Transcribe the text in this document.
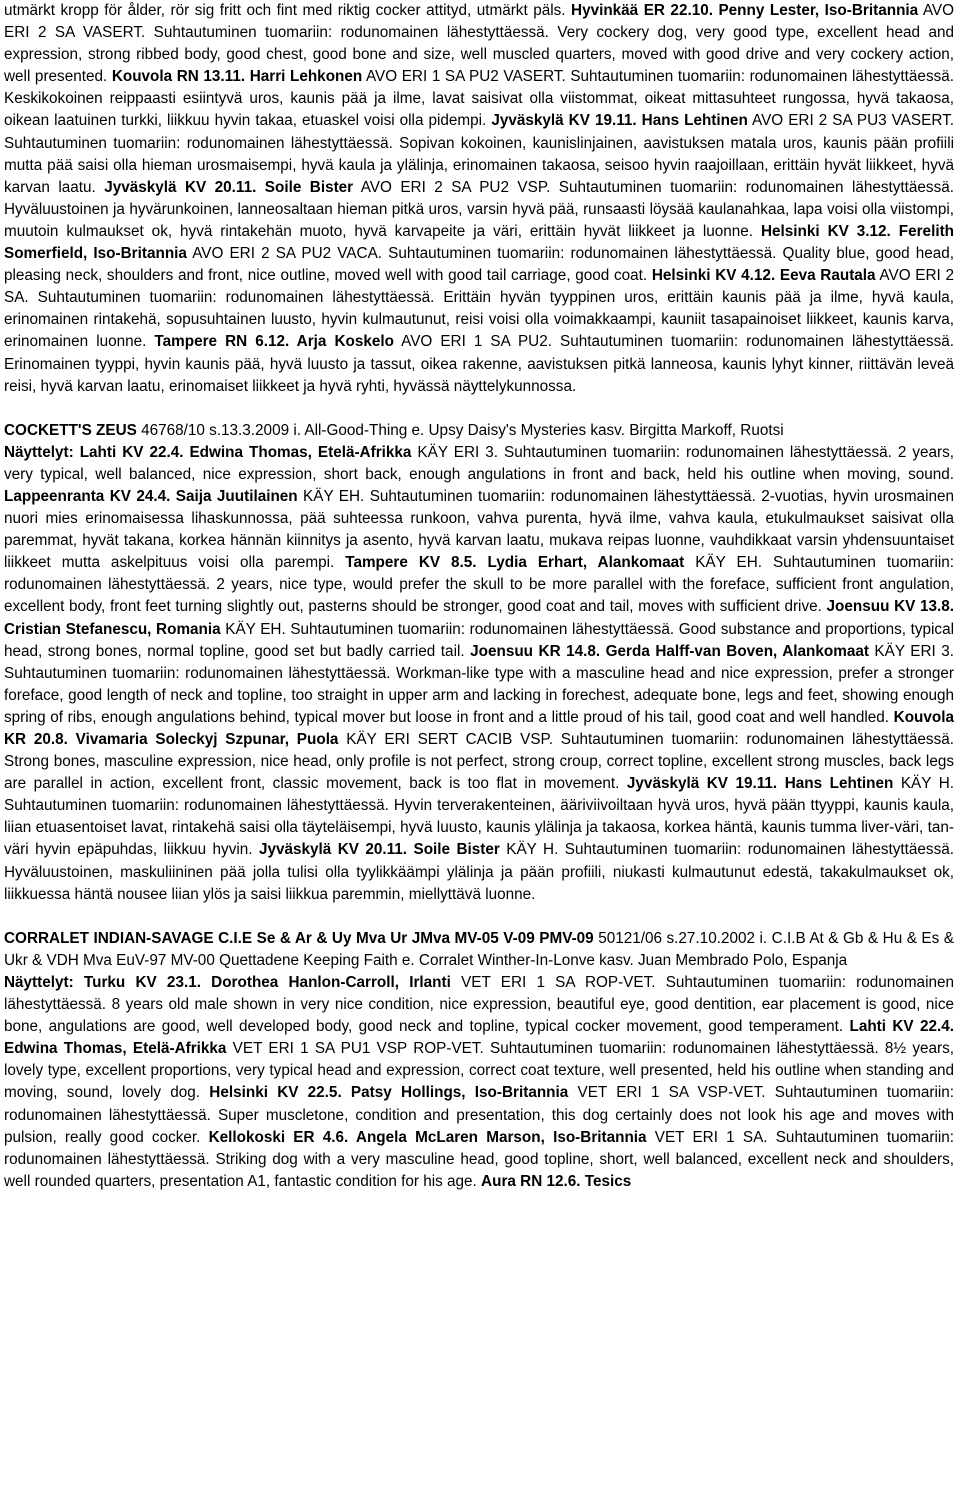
utmärkt kropp för ålder, rör sig fritt och fint med riktig cocker attityd, utmärkt päls. Hyvinkää ER 22.10. Penny Lester, Iso-Britannia AVO ERI 2 SA VASERT. Suhtautuminen tuomariin: rodunomainen lähestyttäessä. Very cockery dog, very good type, excellent head and expression, strong ribbed body, good chest, good bone and size, well muscled quarters, moved with good drive and very cockery action, well presented. Kouvola RN 13.11. Harri Lehkonen AVO ERI 1 SA PU2 VASERT. Suhtautuminen tuomariin: rodunomainen lähestyttäessä. Keskikokoinen reippaasti esiintyvä uros, kaunis pää ja ilme, lavat saisivat olla viistommat, oikeat mittasuhteet rungossa, hyvä takaosa, oikean laatuinen turkki, liikkuu hyvin takaa, etuaskel voisi olla pidempi. Jyväskylä KV 19.11. Hans Lehtinen AVO ERI 2 SA PU3 VASERT. Suhtautuminen tuomariin: rodunomainen lähestyttäessä. Sopivan kokoinen, kaunislinjainen, aavistuksen matala uros, kaunis pään profiili mutta pää saisi olla hieman urosmaisempi, hyvä kaula ja ylälinja, erinomainen takaosa, seisoo hyvin raajoillaan, erittäin hyvät liikkeet, hyvä karvan laatu. Jyväskylä KV 20.11. Soile Bister AVO ERI 2 SA PU2 VSP. Suhtautuminen tuomariin: rodunomainen lähestyttäessä. Hyväluustoinen ja hyvärunkoinen, lanneosaltaan hieman pitkä uros, varsin hyvä pää, runsaasti löysää kaulanahkaa, lapa voisi olla viistompi, muutoin kulmaukset ok, hyvä rintakehän muoto, hyvä karvapeite ja väri, erittäin hyvät liikkeet ja luonne. Helsinki KV 3.12. Ferelith Somerfield, Iso-Britannia AVO ERI 2 SA PU2 VACA. Suhtautuminen tuomariin: rodunomainen lähestyttäessä. Quality blue, good head, pleasing neck, shoulders and front, nice outline, moved well with good tail carriage, good coat. Helsinki KV 4.12. Eeva Rautala AVO ERI 2 SA. Suhtautuminen tuomariin: rodunomainen lähestyttäessä. Erittäin hyvän tyyppinen uros, erittäin kaunis pää ja ilme, hyvä kaula, erinomainen rintakehä, sopusuhtainen luusto, hyvin kulmautunut, reisi voisi olla voimakkaampi, kauniit tasapainoiset liikkeet, kaunis karva, erinomainen luonne. Tampere RN 6.12. Arja Koskelo AVO ERI 1 SA PU2. Suhtautuminen tuomariin: rodunomainen lähestyttäessä. Erinomainen tyyppi, hyvin kaunis pää, hyvä luusto ja tassut, oikea rakenne, aavistuksen pitkä lanneosa, kaunis lyhyt kinner, riittävän leveä reisi, hyvä karvan laatu, erinomaiset liikkeet ja hyvä ryhti, hyvässä näyttelykunnossa.

COCKETT'S ZEUS 46768/10 s.13.3.2009 i. All-Good-Thing e. Upsy Daisy's Mysteries kasv. Birgitta Markoff, Ruotsi

Näyttelyt: Lahti KV 22.4. Edwina Thomas, Etelä-Afrikka KÄY ERI 3. Suhtautuminen tuomariin: rodunomainen lähestyttäessä. 2 years, very typical, well balanced, nice expression, short back, enough angulations in front and back, held his outline when moving, sound. Lappeenranta KV 24.4. Saija Juutilainen KÄY EH. Suhtautuminen tuomariin: rodunomainen lähestyttäessä. 2-vuotias, hyvin urosmainen nuori mies erinomaisessa lihaskunnossa, pää suhteessa runkoon, vahva purenta, hyvä ilme, vahva kaula, etukulmaukset saisivat olla paremmat, hyvät takana, korkea hännän kiinnitys ja asento, hyvä karvan laatu, mukava reipas luonne, vauhdikkaat varsin yhdensuuntaiset liikkeet mutta askelpituus voisi olla parempi. Tampere KV 8.5. Lydia Erhart, Alankomaat KÄY EH. Suhtautuminen tuomariin: rodunomainen lähestyttäessä. 2 years, nice type, would prefer the skull to be more parallel with the foreface, sufficient front angulation, excellent body, front feet turning slightly out, pasterns should be stronger, good coat and tail, moves with sufficient drive. Joensuu KV 13.8. Cristian Stefanescu, Romania KÄY EH. Suhtautuminen tuomariin: rodunomainen lähestyttäessä. Good substance and proportions, typical head, strong bones, normal topline, good set but badly carried tail. Joensuu KR 14.8. Gerda Halff-van Boven, Alankomaat KÄY ERI 3. Suhtautuminen tuomariin: rodunomainen lähestyttäessä. Workman-like type with a masculine head and nice expression, prefer a stronger foreface, good length of neck and topline, too straight in upper arm and lacking in forechest, adequate bone, legs and feet, showing enough spring of ribs, enough angulations behind, typical mover but loose in front and a little proud of his tail, good coat and well handled. Kouvola KR 20.8. Vivamaria Soleckyj Szpunar, Puola KÄY ERI SERT CACIB VSP. Suhtautuminen tuomariin: rodunomainen lähestyttäessä. Strong bones, masculine expression, nice head, only profile is not perfect, strong croup, correct topline, excellent strong muscles, back legs are parallel in action, excellent front, classic movement, back is too flat in movement. Jyväskylä KV 19.11. Hans Lehtinen KÄY H. Suhtautuminen tuomariin: rodunomainen lähestyttäessä. Hyvin terverakenteinen, ääriviivoiltaan hyvä uros, hyvä pään ttyyppi, kaunis kaula, liian etuasentoiset lavat, rintakehä saisi olla täyteläisempi, hyvä luusto, kaunis ylälinja ja takaosa, korkea häntä, kaunis tumma liver-väri, tan-väri hyvin epäpuhdas, liikkuu hyvin. Jyväskylä KV 20.11. Soile Bister KÄY H. Suhtautuminen tuomariin: rodunomainen lähestyttäessä. Hyväluustoinen, maskuliininen pää jolla tulisi olla tyylikkäämpi ylälinja ja pään profiili, niukasti kulmautunut edestä, takakulmaukset ok, liikkuessa häntä nousee liian ylös ja saisi liikkua paremmin, miellyttävä luonne.

CORRALET INDIAN-SAVAGE C.I.E Se & Ar & Uy Mva Ur JMva MV-05 V-09 PMV-09 50121/06 s.27.10.2002 i. C.I.B At & Gb & Hu & Es & Ukr & VDH Mva EuV-97 MV-00 Quettadene Keeping Faith e. Corralet Winther-In-Lonve kasv. Juan Membrado Polo, Espanja

Näyttelyt: Turku KV 23.1. Dorothea Hanlon-Carroll, Irlanti VET ERI 1 SA ROP-VET. Suhtautuminen tuomariin: rodunomainen lähestyttäessä. 8 years old male shown in very nice condition, nice expression, beautiful eye, good dentition, ear placement is good, nice bone, angulations are good, well developed body, good neck and topline, typical cocker movement, good temperament. Lahti KV 22.4. Edwina Thomas, Etelä-Afrikka VET ERI 1 SA PU1 VSP ROP-VET. Suhtautuminen tuomariin: rodunomainen lähestyttäessä. 8½ years, lovely type, excellent proportions, very typical head and expression, correct coat texture, well presented, held his outline when standing and moving, sound, lovely dog. Helsinki KV 22.5. Patsy Hollings, Iso-Britannia VET ERI 1 SA VSP-VET. Suhtautuminen tuomariin: rodunomainen lähestyttäessä. Super muscletone, condition and presentation, this dog certainly does not look his age and moves with pulsion, really good cocker. Kellokoski ER 4.6. Angela McLaren Marson, Iso-Britannia VET ERI 1 SA. Suhtautuminen tuomariin: rodunomainen lähestyttäessä. Striking dog with a very masculine head, good topline, short, well balanced, excellent neck and shoulders, well rounded quarters, presentation A1, fantastic condition for his age. Aura RN 12.6. Tesics
